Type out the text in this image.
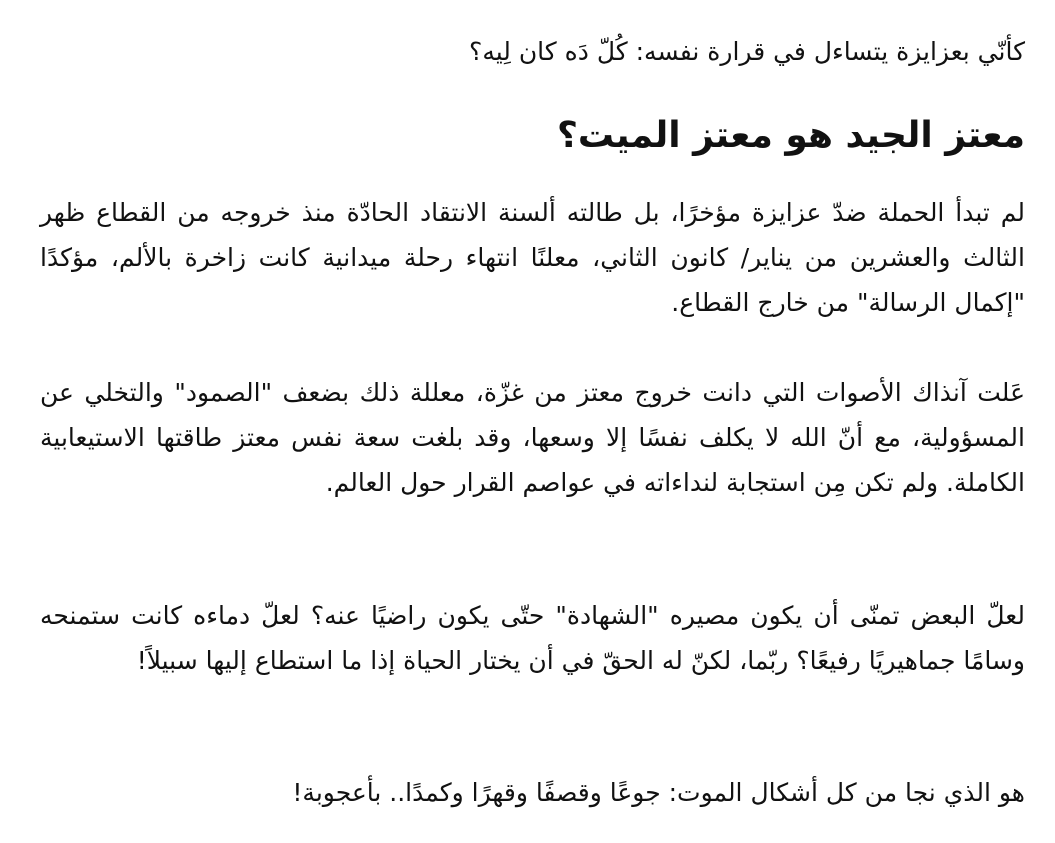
كأنّي بعزايزة يتساءل في قرارة نفسه: كُلّ دَه كان لِيه؟

معتز الجيد هو معتز الميت؟

لم تبدأ الحملة ضدّ عزايزة مؤخرًا، بل طالته ألسنة الانتقاد الحادّة منذ خروجه من القطاع ظهر الثالث والعشرين من يناير/ كانون الثاني، معلنًا انتهاء رحلة ميدانية كانت زاخرة بالألم، مؤكدًا "إكمال الرسالة" من خارج القطاع.

عَلت آنذاك الأصوات التي دانت خروج معتز من غزّة، معللة ذلك بضعف "الصمود" والتخلي عن المسؤولية، مع أنّ الله لا يكلف نفسًا إلا وسعها، وقد بلغت سعة نفس معتز طاقتها الاستيعابية الكاملة. ولم تكن مِن استجابة لنداءاته في عواصم القرار حول العالم.

لعلّ البعض تمنّى أن يكون مصيره "الشهادة" حتّى يكون راضيًا عنه؟ لعلّ دماءه كانت ستمنحه وسامًا جماهيريًا رفيعًا؟ ربّما، لكنّ له الحقّ في أن يختار الحياة إذا ما استطاع إليها سبيلاً!

هو الذي نجا من كل أشكال الموت: جوعًا وقصفًا وقهرًا وكمدًا.. بأعجوبة!
